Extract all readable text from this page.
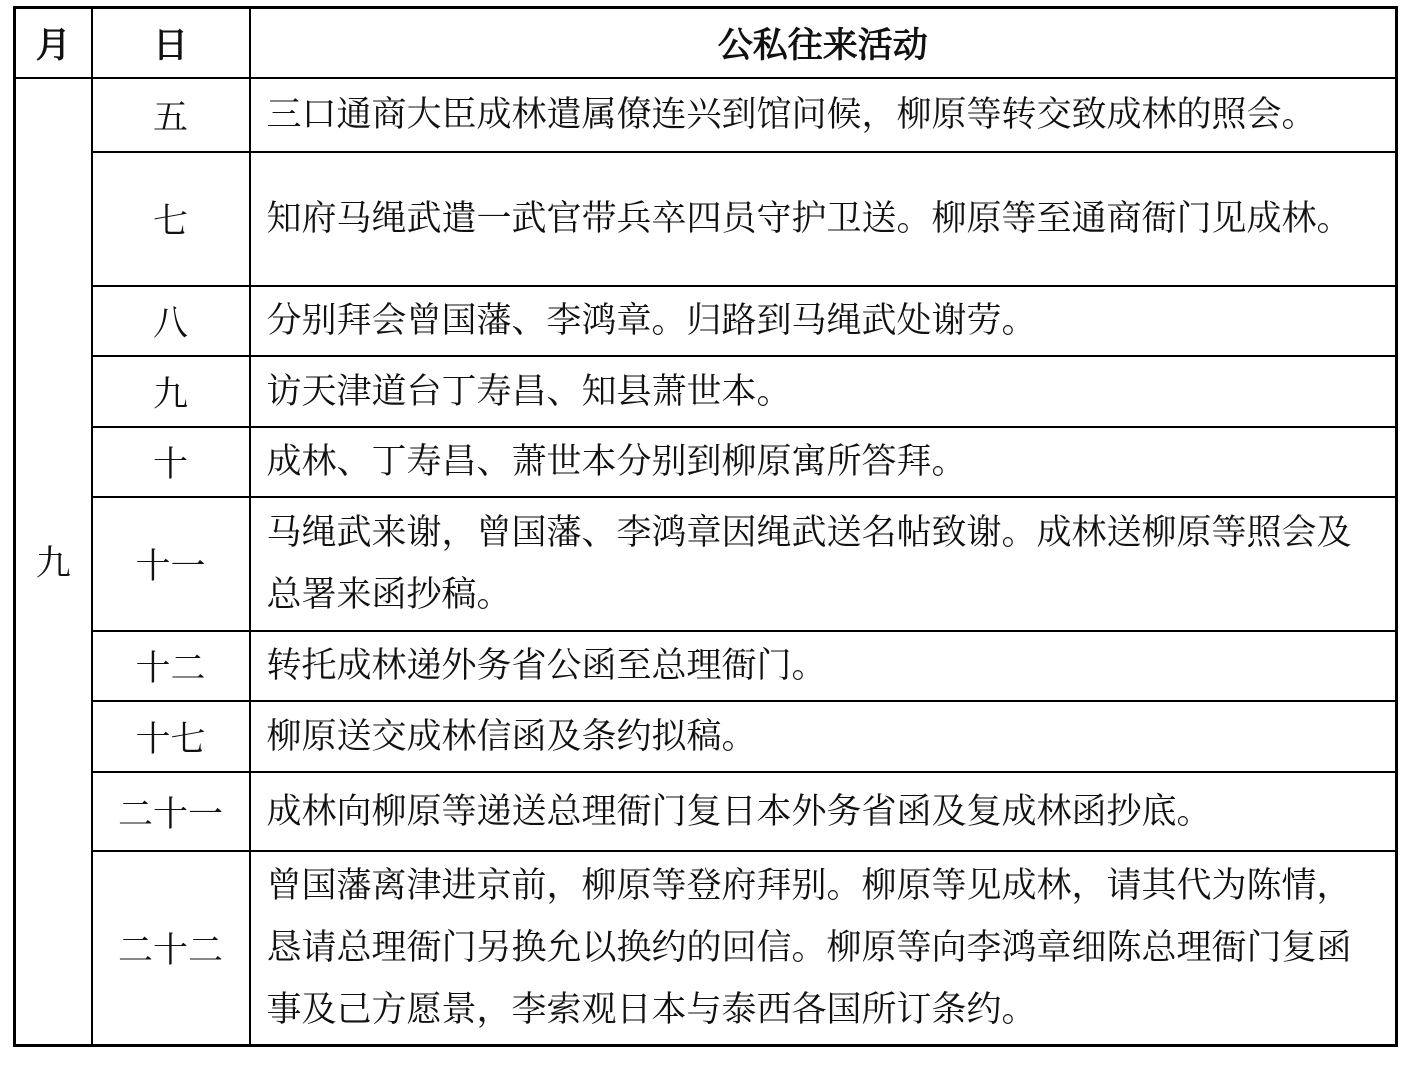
月	日	公私往来活动
九	五	三口通商大臣成林遣属僚连兴到馆问候，柳原等转交致成林的照会。
	七	知府马绳武遣一武官带兵卒四员守护卫送。柳原等至通商衙门见成林。
	八	分别拜会曾国藩、李鸿章。归路到马绳武处谢劳。
	九	访天津道台丁寿昌、知县萧世本。
	十	成林、丁寿昌、萧世本分别到柳原寓所答拜。
	十一	马绳武来谢，曾国藩、李鸿章因绳武送名帖致谢。成林送柳原等照会及总署来函抄稿。
	十二	转托成林递外务省公函至总理衙门。
	十七	柳原送交成林信函及条约拟稿。
	二十一	成林向柳原等递送总理衙门复日本外务省函及复成林函抄底。
	二十二	曾国藩离津进京前，柳原等登府拜别。柳原等见成林，请其代为陈情，恳请总理衙门另换允以换约的回信。柳原等向李鸿章细陈总理衙门复函事及己方愿景，李索观日本与泰西各国所订条约。
